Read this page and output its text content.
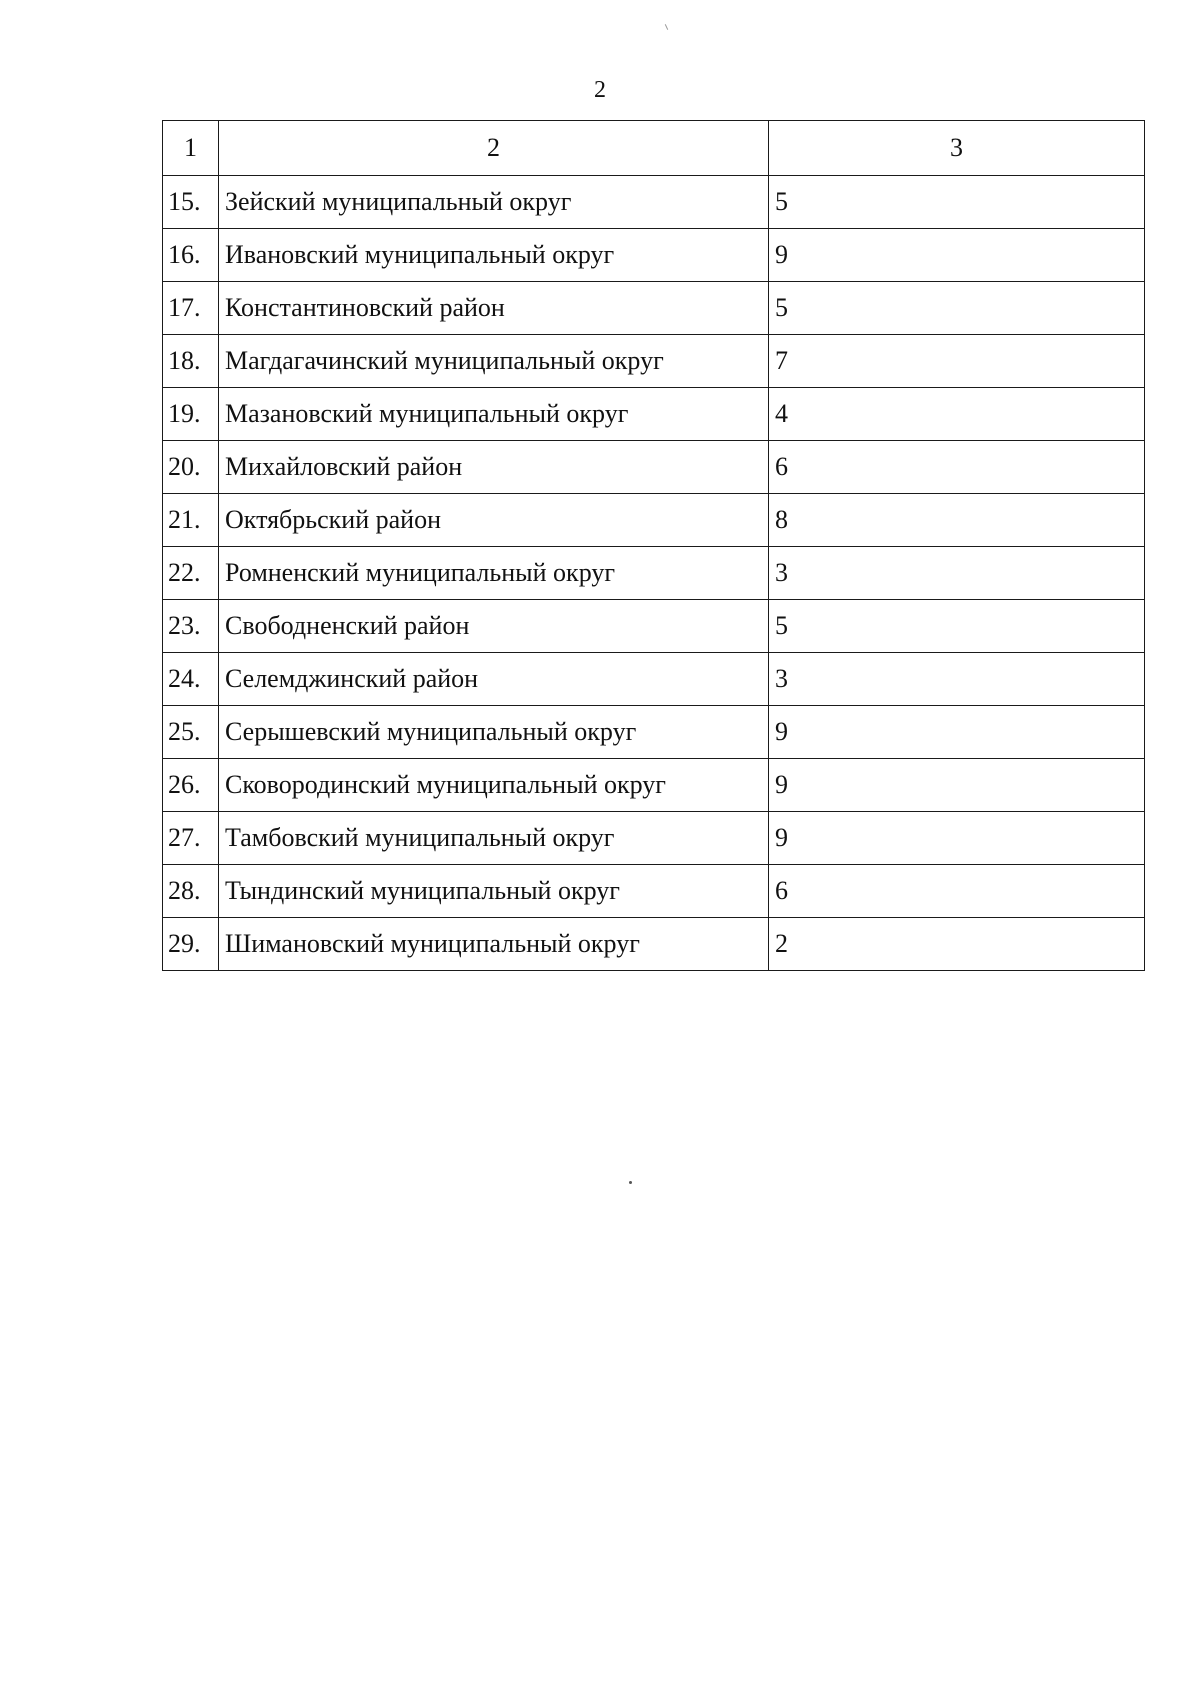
2
1	2	3
15.	Зейский муниципальный округ	5
16.	Ивановский муниципальный округ	9
17.	Константиновский район	5
18.	Магдагачинский муниципальный округ	7
19.	Мазановский муниципальный округ	4
20.	Михайловский район	6
21.	Октябрьский район	8
22.	Ромненский муниципальный округ	3
23.	Свободненский район	5
24.	Селемджинский район	3
25.	Серышевский муниципальный округ	9
26.	Сковородинский муниципальный округ	9
27.	Тамбовский муниципальный округ	9
28.	Тындинский муниципальный округ	6
29.	Шимановский муниципальный округ	2
